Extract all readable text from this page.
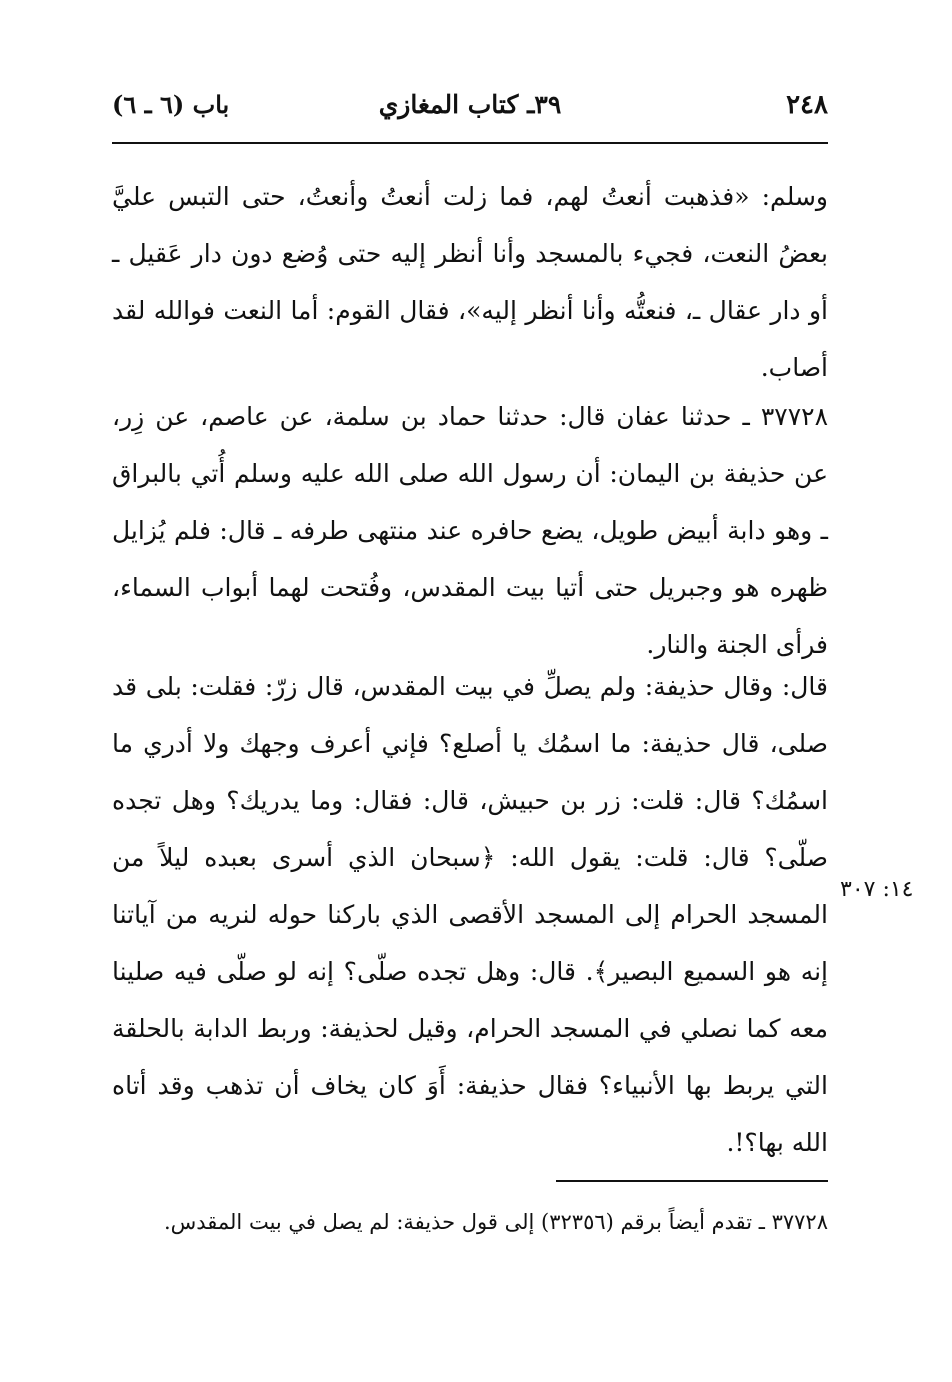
٢٤٨
٣٩ـ كتاب المغازي
باب (٦ ـ ٦)

وسلم: «فذهبت أنعتُ لهم، فما زلت أنعتُ وأنعتُ، حتى التبس عليَّ بعضُ النعت، فجيء بالمسجد وأنا أنظر إليه حتى وُضع دون دار عَقيل ـ أو دار عقال ـ، فنعتُّه وأنا أنظر إليه»، فقال القوم: أما النعت فوالله لقد أصاب.

٣٧٧٢٨ ـ حدثنا عفان قال: حدثنا حماد بن سلمة، عن عاصم، عن زِر، عن حذيفة بن اليمان: أن رسول الله صلى الله عليه وسلم أُتي بالبراق ـ وهو دابة أبيض طويل، يضع حافره عند منتهى طرفه ـ قال: فلم يُزايل ظهره هو وجبريل حتى أتيا بيت المقدس، وفُتحت لهما أبواب السماء، فرأى الجنة والنار.

قال: وقال حذيفة: ولم يصلِّ في بيت المقدس، قال زرّ: فقلت: بلى قد صلى، قال حذيفة: ما اسمُك يا أصلع؟ فإني أعرف وجهك ولا أدري ما اسمُك؟ قال: قلت: زر بن حبيش، قال: فقال: وما يدريك؟ وهل تجده صلّى؟ قال: قلت: يقول الله: ﴿سبحان الذي أسرى بعبده ليلاً من المسجد الحرام إلى المسجد الأقصى الذي باركنا حوله لنريه من آياتنا إنه هو السميع البصير﴾. قال: وهل تجده صلّى؟ إنه لو صلّى فيه صلينا معه كما نصلي في المسجد الحرام، وقيل لحذيفة: وربط الدابة بالحلقة التي يربط بها الأنبياء؟ فقال حذيفة: أَوَ كان يخاف أن تذهب وقد أتاه الله بها؟!.

١٤: ٣٠٧

٣٧٧٢٨ ـ تقدم أيضاً برقم (٣٢٣٥٦) إلى قول حذيفة: لم يصل في بيت المقدس.
